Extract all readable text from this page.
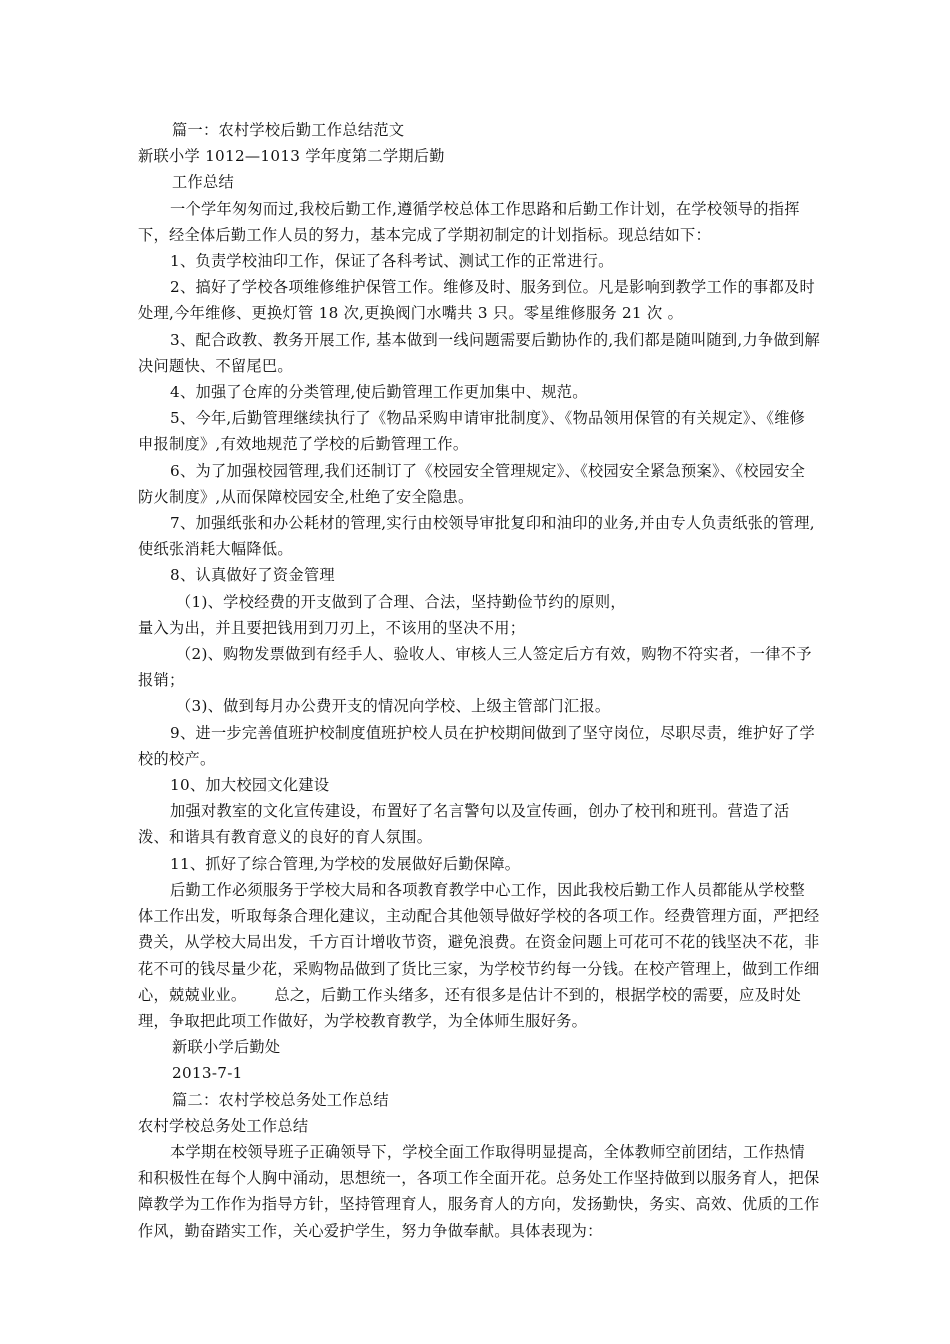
篇一：农村学校后勤工作总结范文

新联小学 1012—1013 学年度第二学期后勤

工作总结

一个学年匆匆而过,我校后勤工作,遵循学校总体工作思路和后勤工作计划，在学校领导的指挥下，经全体后勤工作人员的努力，基本完成了学期初制定的计划指标。现总结如下：

1、负责学校油印工作，保证了各科考试、测试工作的正常进行。

2、搞好了学校各项维修维护保管工作。维修及时、服务到位。凡是影响到教学工作的事都及时处理,今年维修、更换灯管 18 次,更换阀门水嘴共 3 只。零星维修服务 21 次 。

3、配合政教、教务开展工作, 基本做到一线问题需要后勤协作的,我们都是随叫随到,力争做到解决问题快、不留尾巴。

4、加强了仓库的分类管理,使后勤管理工作更加集中、规范。

5、今年,后勤管理继续执行了《物品采购申请审批制度》、《物品领用保管的有关规定》、《维修申报制度》,有效地规范了学校的后勤管理工作。

6、为了加强校园管理,我们还制订了《校园安全管理规定》、《校园安全紧急预案》、《校园安全防火制度》,从而保障校园安全,杜绝了安全隐患。

7、加强纸张和办公耗材的管理,实行由校领导审批复印和油印的业务,并由专人负责纸张的管理,使纸张消耗大幅降低。

8、认真做好了资金管理

（1)、学校经费的开支做到了合理、合法，坚持勤俭节约的原则，

量入为出，并且要把钱用到刀刃上，不该用的坚决不用；

（2)、购物发票做到有经手人、验收人、审核人三人签定后方有效，购物不符实者，一律不予报销；

（3)、做到每月办公费开支的情况向学校、上级主管部门汇报。

9、进一步完善值班护校制度值班护校人员在护校期间做到了坚守岗位，尽职尽责，维护好了学校的校产。

10、加大校园文化建设

加强对教室的文化宣传建设，布置好了名言警句以及宣传画，创办了校刊和班刊。营造了活泼、和谐具有教育意义的良好的育人氛围。

11、抓好了综合管理,为学校的发展做好后勤保障。

后勤工作必须服务于学校大局和各项教育教学中心工作，因此我校后勤工作人员都能从学校整体工作出发，听取每条合理化建议，主动配合其他领导做好学校的各项工作。经费管理方面，严把经费关，从学校大局出发，千方百计增收节资，避免浪费。在资金问题上可花可不花的钱坚决不花，非花不可的钱尽量少花，采购物品做到了货比三家，为学校节约每一分钱。在校产管理上，做到工作细心，兢兢业业。 总之，后勤工作头绪多，还有很多是估计不到的，根据学校的需要，应及时处理，争取把此项工作做好，为学校教育教学，为全体师生服好务。

新联小学后勤处

2013-7-1

篇二：农村学校总务处工作总结

农村学校总务处工作总结

本学期在校领导班子正确领导下，学校全面工作取得明显提高，全体教师空前团结，工作热情和积极性在每个人胸中涌动，思想统一，各项工作全面开花。总务处工作坚持做到以服务育人，把保障教学为工作作为指导方针，坚持管理育人，服务育人的方向，发扬勤快，务实、高效、优质的工作作风，勤奋踏实工作，关心爱护学生，努力争做奉献。具体表现为：
